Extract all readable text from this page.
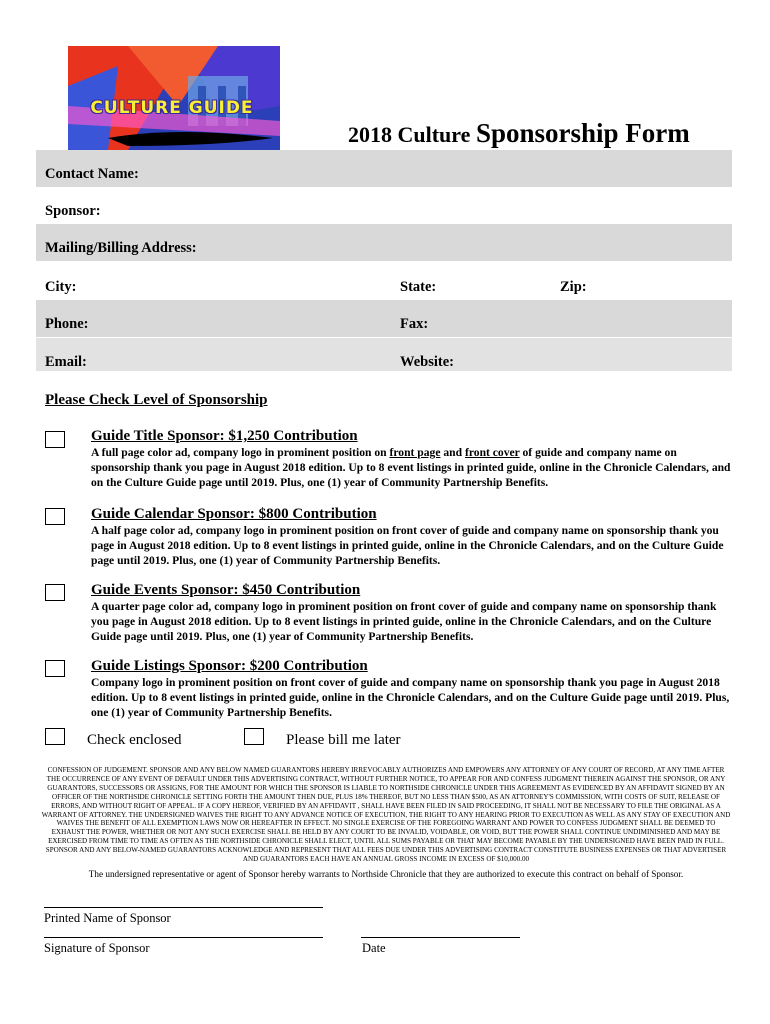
CULTURE GUIDE
2018 Culture Sponsorship Form
Contact Name:
Sponsor:
Mailing/Billing Address:
City:	State:	Zip:
Phone:	Fax:
Email:	Website:
Please Check Level of Sponsorship
Guide Title Sponsor: $1,250 Contribution
A full page color ad, company logo in prominent position on front page and front cover of guide and company name on sponsorship thank you page in August 2018 edition. Up to 8 event listings in printed guide, online in the Chronicle Calendars, and on the Culture Guide page until 2019. Plus, one (1) year of Community Partnership Benefits.
Guide Calendar Sponsor: $800 Contribution
A half page color ad, company logo in prominent position on front cover of guide and company name on sponsorship thank you page in August 2018 edition. Up to 8 event listings in printed guide, online in the Chronicle Calendars, and on the Culture Guide page until 2019. Plus, one (1) year of Community Partnership Benefits.
Guide Events Sponsor: $450 Contribution
A quarter page color ad, company logo in prominent position on front cover of guide and company name on sponsorship thank you page in August 2018 edition. Up to 8 event listings in printed guide, online in the Chronicle Calendars, and on the Culture Guide page until 2019. Plus, one (1) year of Community Partnership Benefits.
Guide Listings Sponsor: $200 Contribution
Company logo in prominent position on front cover of guide and company name on sponsorship thank you page in August 2018 edition. Up to 8 event listings in printed guide, online in the Chronicle Calendars, and on the Culture Guide page until 2019. Plus, one (1) year of Community Partnership Benefits.
Check enclosed	Please bill me later
CONFESSION OF JUDGEMENT. SPONSOR AND ANY BELOW NAMED GUARANTORS HEREBY IRREVOCABLY AUTHORIZES AND EMPOWERS ANY ATTORNEY OF ANY COURT OF RECORD, AT ANY TIME AFTER THE OCCURRENCE OF ANY EVENT OF DEFAULT UNDER THIS ADVERTISING CONTRACT, WITHOUT FURTHER NOTICE, TO APPEAR FOR AND CONFESS JUDGMENT THEREIN AGAINST THE SPONSOR, OR ANY GUARANTORS, SUCCESSORS OR ASSIGNS, FOR THE AMOUNT FOR WHICH THE SPONSOR IS LIABLE TO NORTHSIDE CHRONICLE UNDER THIS AGREEMENT AS EVIDENCED BY AN AFFIDAVIT SIGNED BY AN OFFICER OF THE NORTHSIDE CHRONICLE SETTING FORTH THE AMOUNT THEN DUE, PLUS 18% THEREOF, BUT NO LESS THAN $500, AS AN ATTORNEY'S COMMISSION, WITH COSTS OF SUIT, RELEASE OF ERRORS, AND WITHOUT RIGHT OF APPEAL. IF A COPY HEREOF, VERIFIED BY AN AFFIDAVIT , SHALL HAVE BEEN FILED IN SAID PROCEEDING, IT SHALL NOT BE NECESSARY TO FILE THE ORIGINAL AS A WARRANT OF ATTORNEY. THE UNDERSIGNED WAIVES THE RIGHT TO ANY ADVANCE NOTICE OF EXECUTION, THE RIGHT TO ANY HEARING PRIOR TO EXECUTION AS WELL AS ANY STAY OF EXECUTION AND WAIVES THE BENEFIT OF ALL EXEMPTION LAWS NOW OR HEREAFTER IN EFFECT. NO SINGLE EXERCISE OF THE FOREGOING WARRANT AND POWER TO CONFESS JUDGMENT SHALL BE DEEMED TO EXHAUST THE POWER, WHETHER OR NOT ANY SUCH EXERCISE SHALL BE HELD BY ANY COURT TO BE INVALID, VOIDABLE, OR VOID, BUT THE POWER SHALL CONTINUE UNDIMINISHED AND MAY BE EXERCISED FROM TIME TO TIME AS OFTEN AS THE NORTHSIDE CHRONICLE SHALL ELECT, UNTIL ALL SUMS PAYABLE OR THAT MAY BECOME PAYABLE BY THE UNDERSIGNED HAVE BEEN PAID IN FULL. SPONSOR AND ANY BELOW-NAMED GUARANTORS ACKNOWLEDGE AND REPRESENT THAT ALL FEES DUE UNDER THIS ADVERTISING CONTRACT CONSTITUTE BUSINESS EXPENSES OR THAT ADVERTISER AND GUARANTORS EACH HAVE AN ANNUAL GROSS INCOME IN EXCESS OF $10,000.00
The undersigned representative or agent of Sponsor hereby warrants to Northside Chronicle that they are authorized to execute this contract on behalf of Sponsor.
Printed Name of Sponsor
Signature of Sponsor	Date
